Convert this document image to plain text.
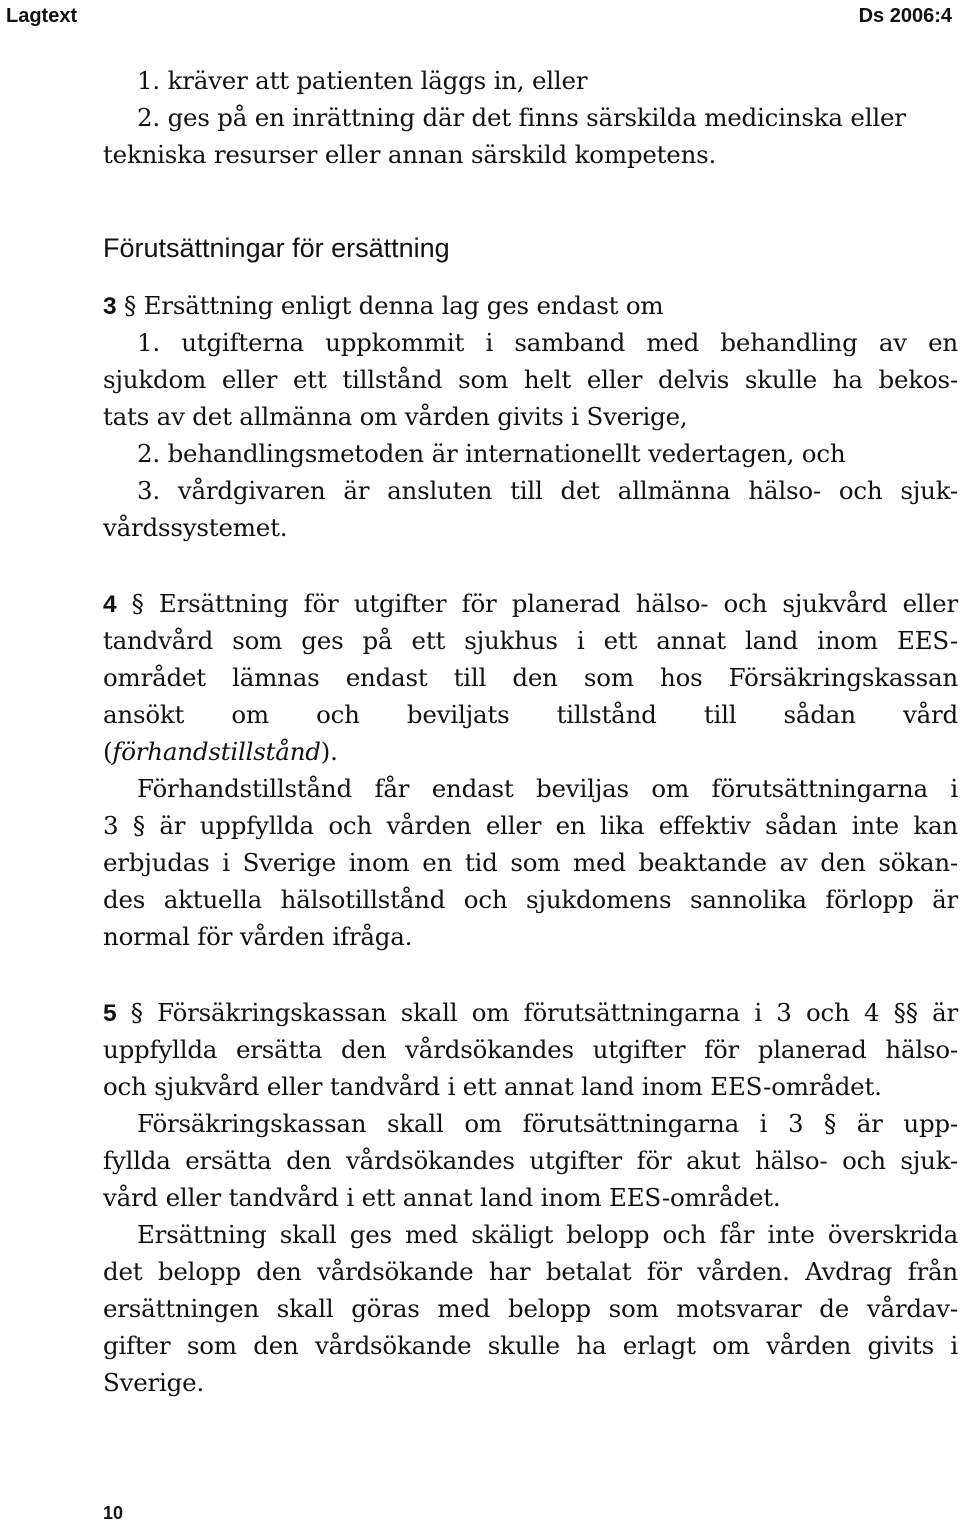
Lagtext	Ds 2006:4
1. kräver att patienten läggs in, eller
2. ges på en inrättning där det finns särskilda medicinska eller
tekniska resurser eller annan särskild kompetens.
Förutsättningar för ersättning
3 § Ersättning enligt denna lag ges endast om
1. utgifterna uppkommit i samband med behandling av en
sjukdom eller ett tillstånd som helt eller delvis skulle ha bekos-
tats av det allmänna om vården givits i Sverige,
2. behandlingsmetoden är internationellt vedertagen, och
3. vårdgivaren är ansluten till det allmänna hälso- och sjuk-
vårdssystemet.
4 § Ersättning för utgifter för planerad hälso- och sjukvård eller
tandvård som ges på ett sjukhus i ett annat land inom EES-
området lämnas endast till den som hos Försäkringskassan
ansökt om och beviljats tillstånd till sådan vård
(förhandstillstånd).
Förhandstillstånd får endast beviljas om förutsättningarna i
3 § är uppfyllda och vården eller en lika effektiv sådan inte kan
erbjudas i Sverige inom en tid som med beaktande av den sökan-
des aktuella hälsotillstånd och sjukdomens sannolika förlopp är
normal för vården ifråga.
5 § Försäkringskassan skall om förutsättningarna i 3 och 4 §§ är
uppfyllda ersätta den vårdsökandes utgifter för planerad hälso-
och sjukvård eller tandvård i ett annat land inom EES-området.
Försäkringskassan skall om förutsättningarna i 3 § är upp-
fyllda ersätta den vårdsökandes utgifter för akut hälso- och sjuk-
vård eller tandvård i ett annat land inom EES-området.
Ersättning skall ges med skäligt belopp och får inte överskrida
det belopp den vårdsökande har betalat för vården. Avdrag från
ersättningen skall göras med belopp som motsvarar de vårdav-
gifter som den vårdsökande skulle ha erlagt om vården givits i
Sverige.
10
